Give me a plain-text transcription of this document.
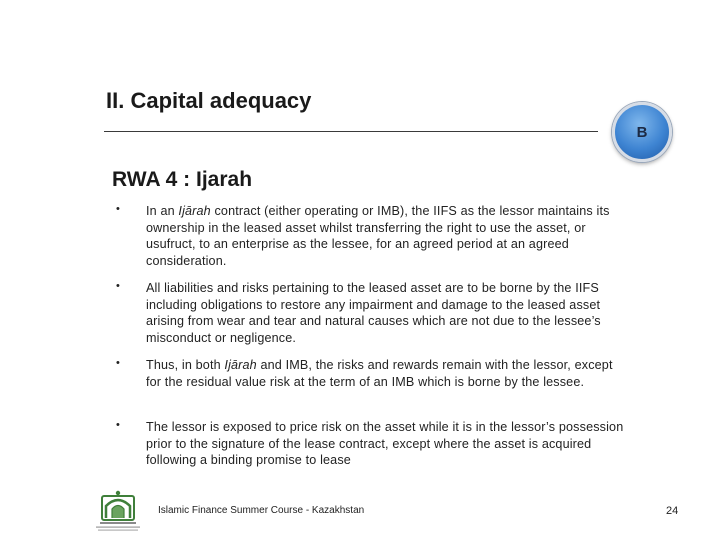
II. Capital adequacy
B
RWA 4 : Ijarah
• In an Ijārah contract (either operating or IMB), the IIFS as the lessor maintains its ownership in the leased asset whilst transferring the right to use the asset, or usufruct, to an enterprise as the lessee, for an agreed period at an agreed consideration.
• All liabilities and risks pertaining to the leased asset are to be borne by the IIFS including obligations to restore any impairment and damage to the leased asset arising from wear and tear and natural causes which are not due to the lessee’s misconduct or negligence.
• Thus, in both Ijārah and IMB, the risks and rewards remain with the lessor, except for the residual value risk at the term of an IMB which is borne by the lessee.
• The lessor is exposed to price risk on the asset while it is in the lessor’s possession prior to the signature of the lease contract, except where the asset is acquired following a binding promise to lease
Islamic Finance Summer Course - Kazakhstan	24
